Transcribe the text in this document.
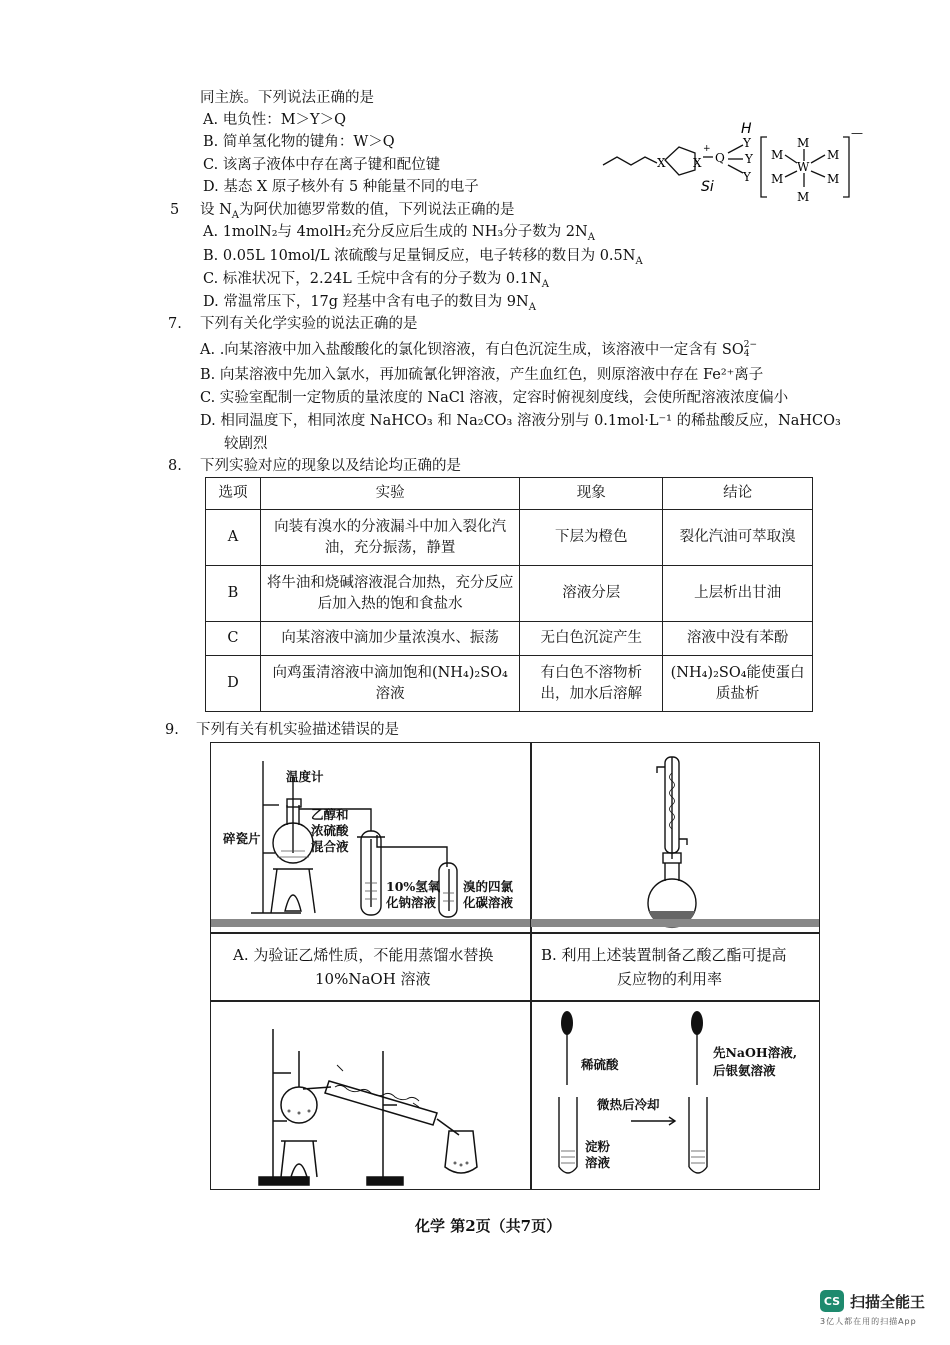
同主族。下列说法正确的是
A. 电负性：M＞Y＞Q
B. 简单氢化物的键角：W＞Q
C. 该离子液体中存在离子键和配位键
D. 基态 X 原子核外有 5 种能量不同的电子
X X
+
Q
Y
Y
Y
M
M	M
W
M	M
M
—
H
Si
5 设 $N_A$为阿伏加德罗常数的值，下列说法正确的是
A. 1molN₂与 4molH₂充分反应后生成的 NH₃分子数为 $2N_A$
B. 0.05L 10mol/L 浓硫酸与足量铜反应，电子转移的数目为 $0.5N_A$
C. 标准状况下，2.24L 壬烷中含有的分子数为 $0.1N_A$
D. 常温常压下，17g 羟基中含有电子的数目为 $9N_A$
7. 下列有关化学实验的说法正确的是
A. .向某溶液中加入盐酸酸化的氯化钡溶液，有白色沉淀生成，该溶液中一定含有 SO 2−
4
B. 向某溶液中先加入氯水，再加硫氰化钾溶液，产生血红色，则原溶液中存在 Fe²⁺离子
C. 实验室配制一定物质的量浓度的 NaCl 溶液，定容时俯视刻度线，会使所配溶液浓度偏小
D. 相同温度下，相同浓度 NaHCO₃ 和 Na₂CO₃ 溶液分别与 0.1mol·L⁻¹ 的稀盐酸反应，NaHCO₃
较剧烈
8. 下列实验对应的现象以及结论均正确的是
选项	实验	现象	结论
A	向装有溴水的分液漏斗中加入裂化汽油，充分振荡，静置	下层为橙色	裂化汽油可萃取溴
B	将牛油和烧碱溶液混合加热，充分反应后加入热的饱和食盐水	溶液分层	上层析出甘油
C	向某溶液中滴加少量浓溴水、振荡	无白色沉淀产生	溶液中没有苯酚
D	向鸡蛋清溶液中滴加饱和(NH₄)₂SO₄溶液	有白色不溶物析出，加水后溶解	(NH₄)₂SO₄能使蛋白质盐析
9. 下列有关有机实验描述错误的是
温度计
碎瓷片
乙醇和
浓硫酸
混合液
10%氢氧
化钠溶液
溴的四氯
化碳溶液
A. 为验证乙烯性质，不能用蒸馏水替换
10%NaOH 溶液
B. 利用上述装置制备乙酸乙酯可提高
反应物的利用率
稀硫酸
微热后冷却
淀粉
溶液
先NaOH溶液,
后银氨溶液
化学 第2页（共7页）
CS 扫描全能王
3亿人都在用的扫描App
